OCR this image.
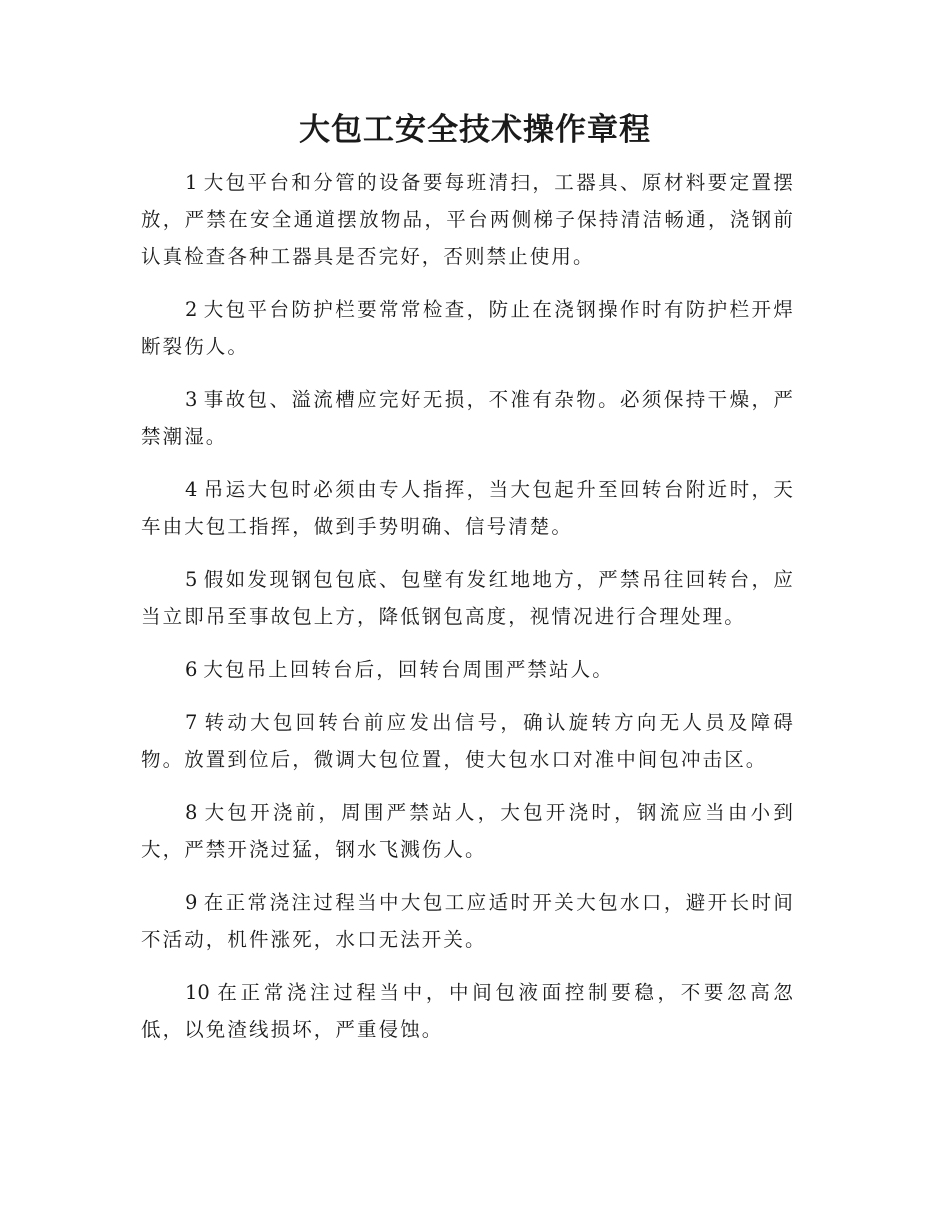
大包工安全技术操作章程

1 大包平台和分管的设备要每班清扫，工器具、原材料要定置摆放，严禁在安全通道摆放物品，平台两侧梯子保持清洁畅通，浇钢前认真检查各种工器具是否完好，否则禁止使用。

2 大包平台防护栏要常常检查，防止在浇钢操作时有防护栏开焊断裂伤人。

3 事故包、溢流槽应完好无损，不准有杂物。必须保持干燥，严禁潮湿。

4 吊运大包时必须由专人指挥，当大包起升至回转台附近时，天车由大包工指挥，做到手势明确、信号清楚。

5 假如发现钢包包底、包壁有发红地地方，严禁吊往回转台，应当立即吊至事故包上方，降低钢包高度，视情况进行合理处理。

6 大包吊上回转台后，回转台周围严禁站人。

7 转动大包回转台前应发出信号，确认旋转方向无人员及障碍物。放置到位后，微调大包位置，使大包水口对准中间包冲击区。

8 大包开浇前，周围严禁站人，大包开浇时，钢流应当由小到大，严禁开浇过猛，钢水飞溅伤人。

9 在正常浇注过程当中大包工应适时开关大包水口，避开长时间不活动，机件涨死，水口无法开关。

10 在正常浇注过程当中，中间包液面控制要稳，不要忽高忽低，以免渣线损坏，严重侵蚀。
